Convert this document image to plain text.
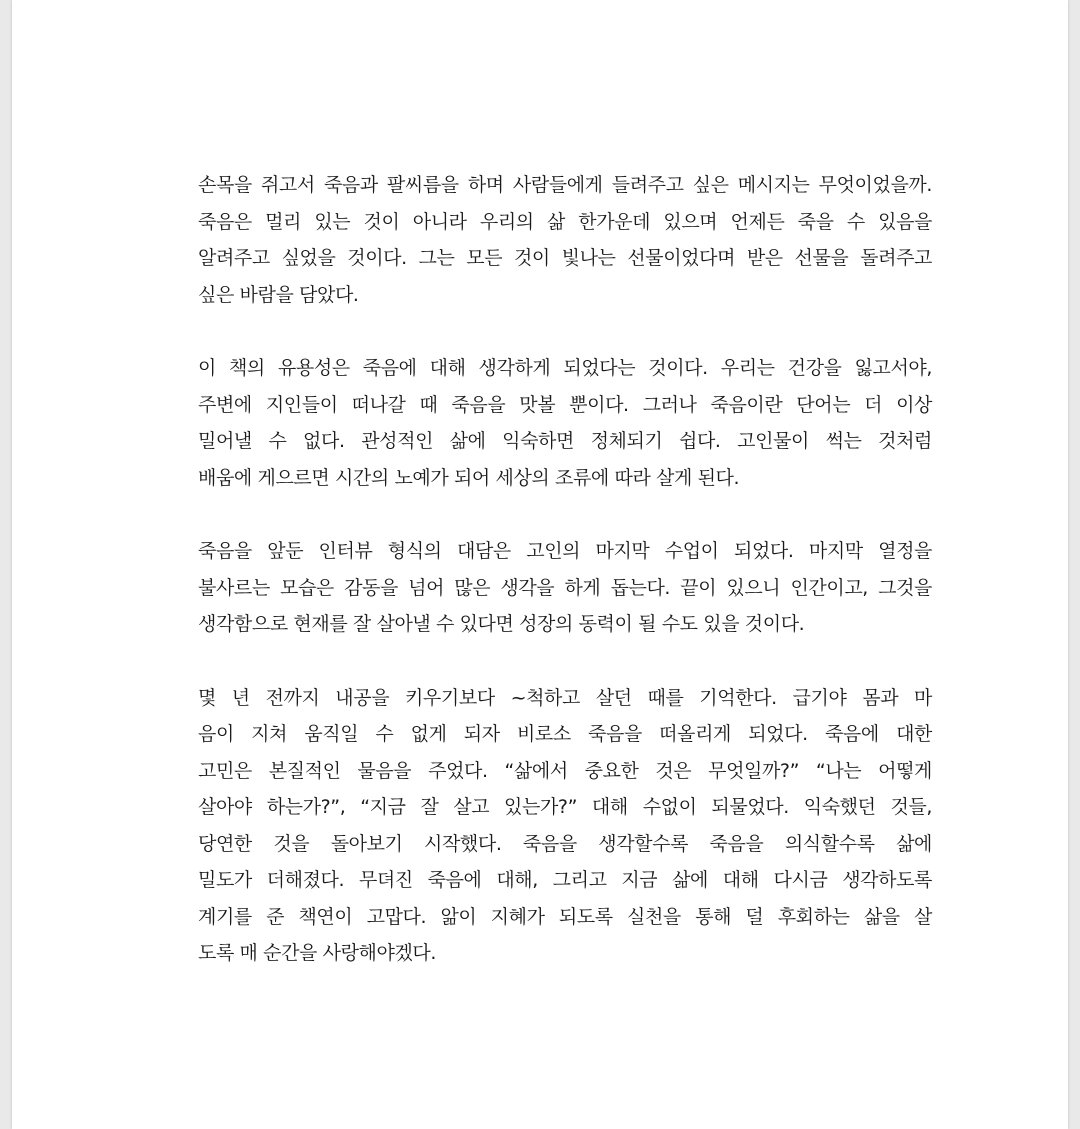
손목을 쥐고서 죽음과 팔씨름을 하며 사람들에게 들려주고 싶은 메시지는 무엇이었을까.
죽음은 멀리 있는 것이 아니라 우리의 삶 한가운데 있으며 언제든 죽을 수 있음을
알려주고 싶었을 것이다. 그는 모든 것이 빛나는 선물이었다며 받은 선물을 돌려주고
싶은 바람을 담았다.
이 책의 유용성은 죽음에 대해 생각하게 되었다는 것이다. 우리는 건강을 잃고서야,
주변에 지인들이 떠나갈 때 죽음을 맛볼 뿐이다. 그러나 죽음이란 단어는 더 이상
밀어낼 수 없다. 관성적인 삶에 익숙하면 정체되기 쉽다. 고인물이 썩는 것처럼
배움에 게으르면 시간의 노예가 되어 세상의 조류에 따라 살게 된다.
죽음을 앞둔 인터뷰 형식의 대담은 고인의 마지막 수업이 되었다. 마지막 열정을
불사르는 모습은 감동을 넘어 많은 생각을 하게 돕는다. 끝이 있으니 인간이고, 그것을
생각함으로 현재를 잘 살아낼 수 있다면 성장의 동력이 될 수도 있을 것이다.
몇 년 전까지 내공을 키우기보다 ~척하고 살던 때를 기억한다. 급기야 몸과 마
음이 지쳐 움직일 수 없게 되자 비로소 죽음을 떠올리게 되었다. 죽음에 대한
고민은 본질적인 물음을 주었다. “삶에서 중요한 것은 무엇일까?” “나는 어떻게
살아야 하는가?”, “지금 잘 살고 있는가?” 대해 수없이 되물었다. 익숙했던 것들,
당연한 것을 돌아보기 시작했다. 죽음을 생각할수록 죽음을 의식할수록 삶에
밀도가 더해졌다. 무뎌진 죽음에 대해, 그리고 지금 삶에 대해 다시금 생각하도록
계기를 준 책연이 고맙다. 앎이 지혜가 되도록 실천을 통해 덜 후회하는 삶을 살
도록 매 순간을 사랑해야겠다.
